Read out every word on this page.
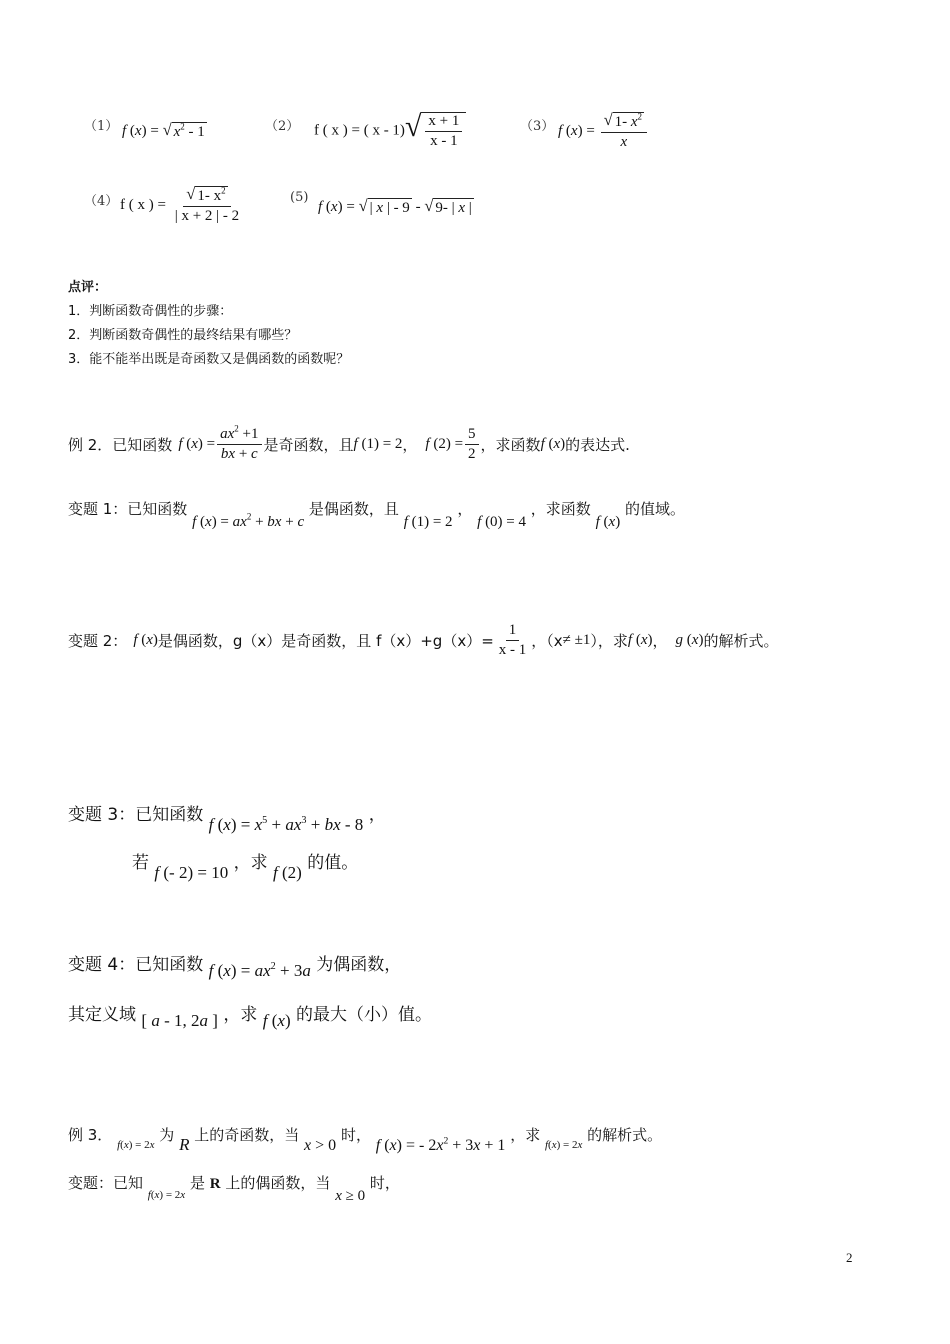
（1） f (x) = √ $x^2 - 1$	（2） f ( x ) = ( x - 1) √ $\frac{x + 1}{x - 1}$	（3） f $(x) = \frac{√ 1- x^2}{x}$
（4） f ( x ) = $\frac{√ 1- x^2}{| x + 2 | - 2}$	(5)
f (x) = √ | x | - 9 - √ 9- | x |
点评：
1．判断函数奇偶性的步骤：
2．判断函数奇偶性的最终结果有哪些？
3．能不能举出既是奇函数又是偶函数的函数呢？
例 2．已知函数 f $(x) = \frac{ax^2 +1}{bx + c}$ 是奇函数，且 f (1) = 2 ， f $(2) = \frac{5}{2}$ ，求函数 f (x) 的表达式.
变题 1：已知函数 f $(x) = ax^2$ + bx + c 是偶函数，且 f (1) = 2 ， f (0) = 4 ，求函数 f (x) 的值域。
变题 2： f (x) 是偶函数，g（x）是奇函数，且 $f(x)+g(x)= \frac{1}{x - 1}$ ，（x ≠ ±1 ），求 f (x) ， g (x) 的解析式。
变题 3：已知函数 f $(x) = x^5 + ax^3$ + bx - 8 ，
若 f (- 2) = 10 ，求 f (2) 的值。
变题 4：已知函数 f $(x) = ax^2 + 3a$ 为偶函数，
其定义域 [ a - 1, 2a ] ，求 f (x) 的最大（小）值。
例 3． $_{f(x) = 2x}$ 为 R 上的奇函数，当 x > 0 时， f (x) = - $2x^2 + 3x + 1$ ，求 $_{f(x) = 2x}$ 的解析式。
变题：已知 $_{f(x) = 2x}$ 是 R 上的偶函数，当 x ≥ 0 时，
2
